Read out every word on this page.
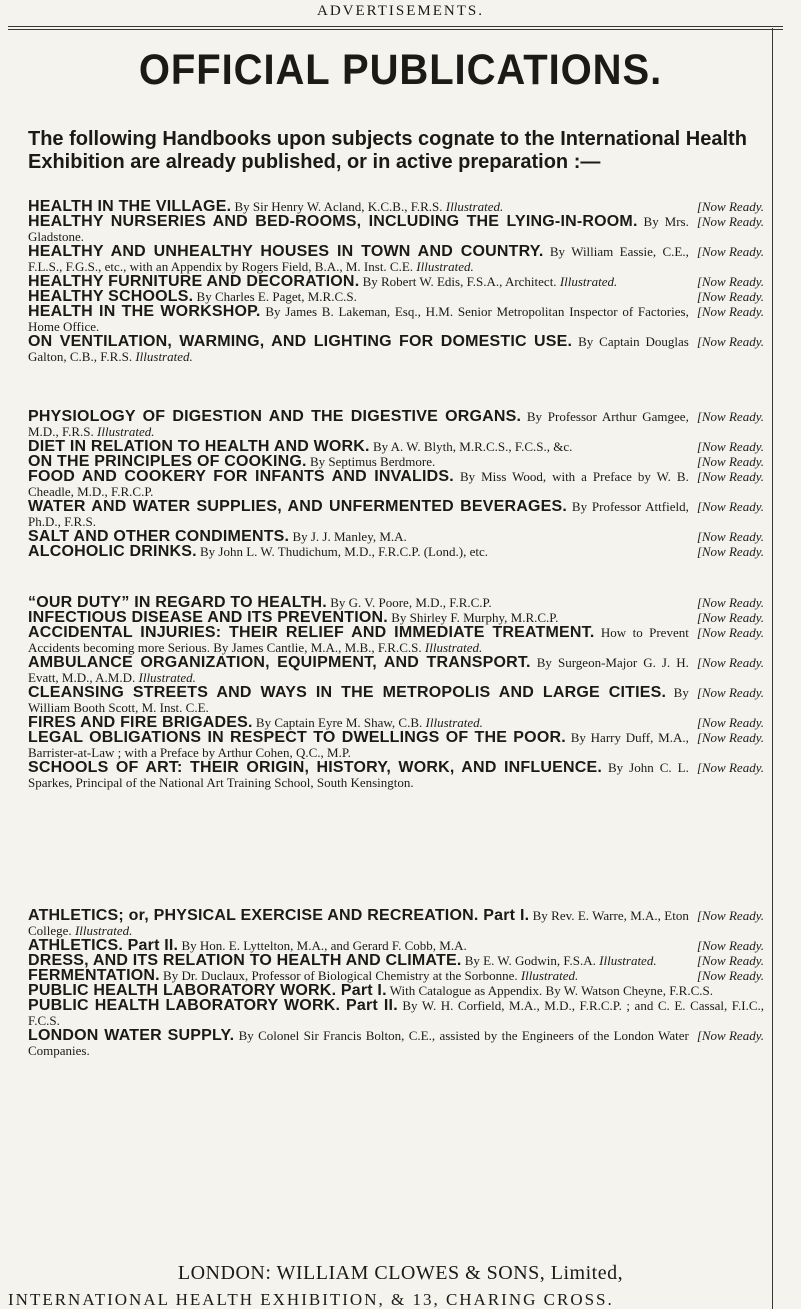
ADVERTISEMENTS.
OFFICIAL PUBLICATIONS.
The following Handbooks upon subjects cognate to the International Health Exhibition are already published, or in active preparation :—

[Now Ready.
HEALTH IN THE VILLAGE. By Sir Henry W. Acland, K.C.B., F.R.S. Illustrated.

[Now Ready.
HEALTHY NURSERIES AND BED-ROOMS, INCLUDING THE LYING-IN-ROOM. By Mrs. Gladstone.

[Now Ready.
HEALTHY AND UNHEALTHY HOUSES IN TOWN AND COUNTRY. By William Eassie, C.E., F.L.S., F.G.S., etc., with an Appendix by Rogers Field, B.A., M. Inst. C.E. Illustrated.

[Now Ready.
HEALTHY FURNITURE AND DECORATION. By Robert W. Edis, F.S.A., Architect. Illustrated.

[Now Ready.
HEALTHY SCHOOLS. By Charles E. Paget, M.R.C.S.

[Now Ready.
HEALTH IN THE WORKSHOP. By James B. Lakeman, Esq., H.M. Senior Metropolitan Inspector of Factories, Home Office.

[Now Ready.
ON VENTILATION, WARMING, AND LIGHTING FOR DOMESTIC USE. By Captain Douglas Galton, C.B., F.R.S. Illustrated.

[Now Ready.
PHYSIOLOGY OF DIGESTION AND THE DIGESTIVE ORGANS. By Professor Arthur Gamgee, M.D., F.R.S. Illustrated.

[Now Ready.
DIET IN RELATION TO HEALTH AND WORK. By A. W. Blyth, M.R.C.S., F.C.S., &c.

[Now Ready.
ON THE PRINCIPLES OF COOKING. By Septimus Berdmore.

[Now Ready.
FOOD AND COOKERY FOR INFANTS AND INVALIDS. By Miss Wood, with a Preface by W. B. Cheadle, M.D., F.R.C.P.

[Now Ready.
WATER AND WATER SUPPLIES, AND UNFERMENTED BEVERAGES. By Professor Attfield, Ph.D., F.R.S.

[Now Ready.
SALT AND OTHER CONDIMENTS. By J. J. Manley, M.A.

[Now Ready.
ALCOHOLIC DRINKS. By John L. W. Thudichum, M.D., F.R.C.P. (Lond.), etc.

[Now Ready.
“OUR DUTY” IN REGARD TO HEALTH. By G. V. Poore, M.D., F.R.C.P.

[Now Ready.
INFECTIOUS DISEASE AND ITS PREVENTION. By Shirley F. Murphy, M.R.C.P.

[Now Ready.
ACCIDENTAL INJURIES: THEIR RELIEF AND IMMEDIATE TREATMENT. How to Prevent Accidents becoming more Serious. By James Cantlie, M.A., M.B., F.R.C.S. Illustrated.

[Now Ready.
AMBULANCE ORGANIZATION, EQUIPMENT, AND TRANSPORT. By Surgeon-Major G. J. H. Evatt, M.D., A.M.D. Illustrated.

[Now Ready.
CLEANSING STREETS AND WAYS IN THE METROPOLIS AND LARGE CITIES. By William Booth Scott, M. Inst. C.E.

[Now Ready.
FIRES AND FIRE BRIGADES. By Captain Eyre M. Shaw, C.B. Illustrated.

[Now Ready.
LEGAL OBLIGATIONS IN RESPECT TO DWELLINGS OF THE POOR. By Harry Duff, M.A., Barrister-at-Law ; with a Preface by Arthur Cohen, Q.C., M.P.

[Now Ready.
SCHOOLS OF ART: THEIR ORIGIN, HISTORY, WORK, AND INFLUENCE. By John C. L. Sparkes, Principal of the National Art Training School, South Kensington.

[Now Ready.
ATHLETICS; or, PHYSICAL EXERCISE AND RECREATION. Part I. By Rev. E. Warre, M.A., Eton College. Illustrated.

[Now Ready.
ATHLETICS. Part II. By Hon. E. Lyttelton, M.A., and Gerard F. Cobb, M.A.

[Now Ready.
DRESS, AND ITS RELATION TO HEALTH AND CLIMATE. By E. W. Godwin, F.S.A. Illustrated.

[Now Ready.
FERMENTATION. By Dr. Duclaux, Professor of Biological Chemistry at the Sorbonne. Illustrated.

PUBLIC HEALTH LABORATORY WORK. Part I. With Catalogue as Appendix. By W. Watson Cheyne, F.R.C.S.

PUBLIC HEALTH LABORATORY WORK. Part II. By W. H. Corfield, M.A., M.D., F.R.C.P. ; and C. E. Cassal, F.I.C., F.C.S.

[Now Ready.
LONDON WATER SUPPLY. By Colonel Sir Francis Bolton, C.E., assisted by the Engineers of the London Water Companies.

LONDON: WILLIAM CLOWES & SONS, Limited,
INTERNATIONAL HEALTH EXHIBITION, & 13, CHARING CROSS.
